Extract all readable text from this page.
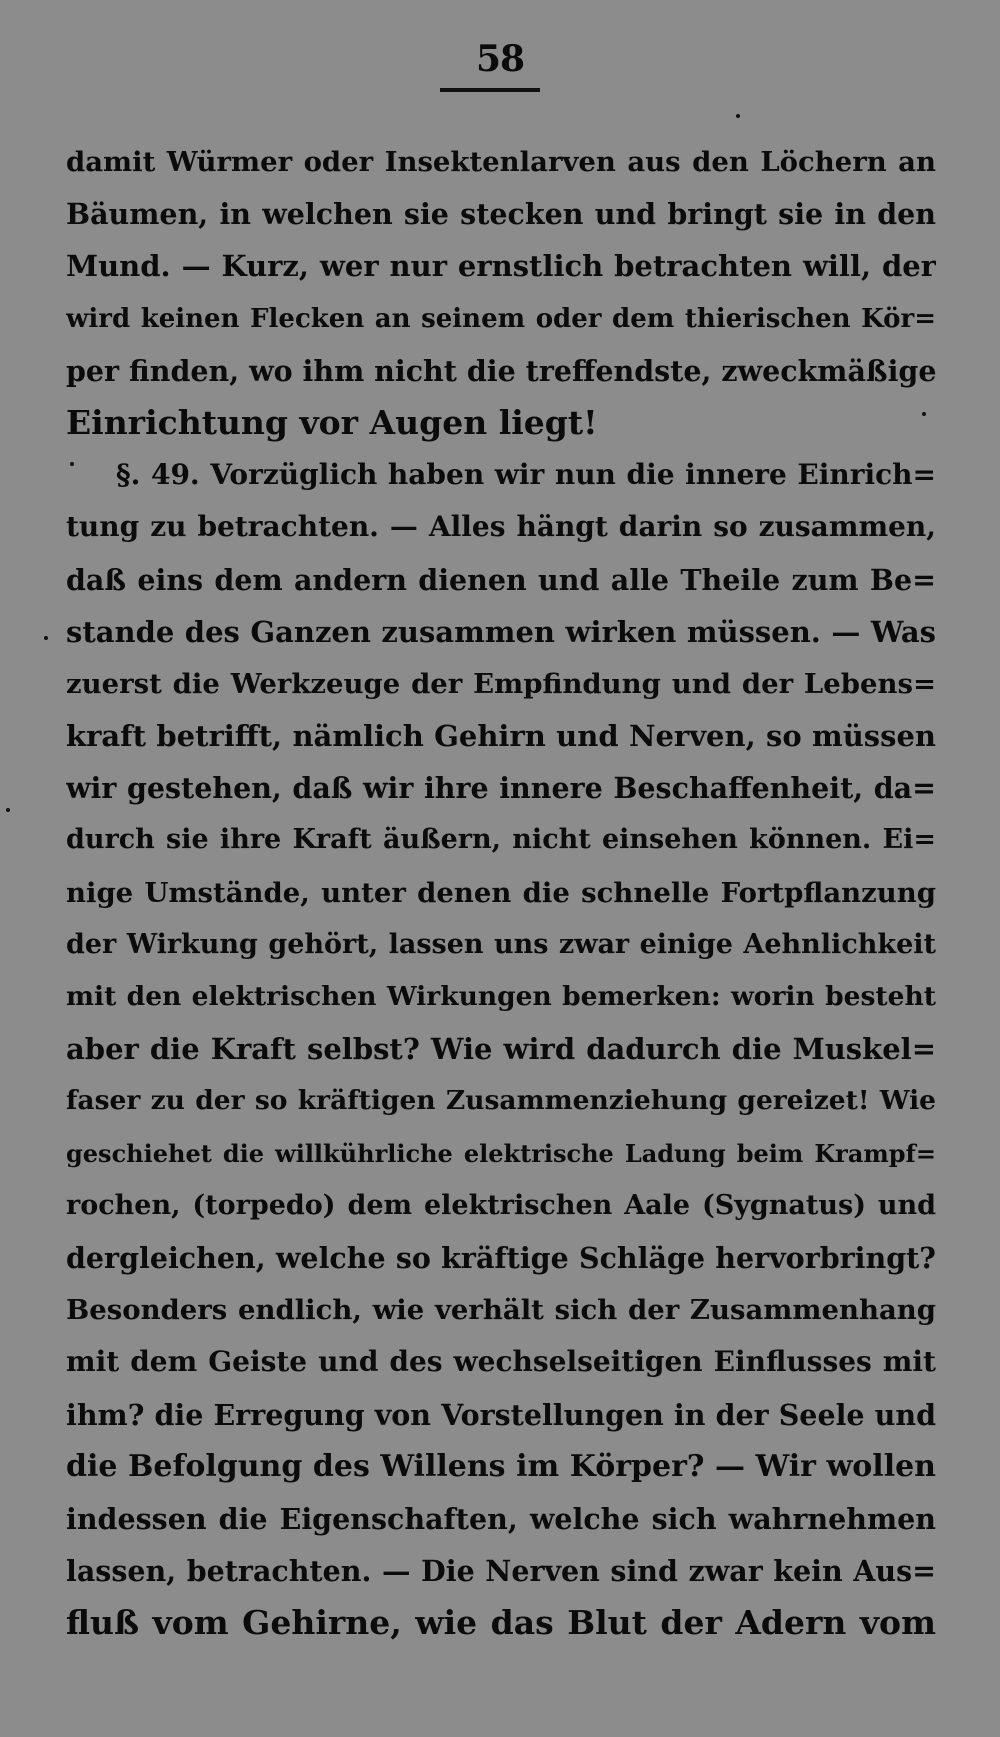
58
damit Würmer oder Insektenlarven aus den Löchern an
Bäumen, in welchen sie stecken und bringt sie in den
Mund. — Kurz, wer nur ernstlich betrachten will, der
wird keinen Flecken an seinem oder dem thierischen Kör=
per finden, wo ihm nicht die treffendste, zweckmäßige
Einrichtung vor Augen liegt!
§. 49. Vorzüglich haben wir nun die innere Einrich=
tung zu betrachten. — Alles hängt darin so zusammen,
daß eins dem andern dienen und alle Theile zum Be=
stande des Ganzen zusammen wirken müssen. — Was
zuerst die Werkzeuge der Empfindung und der Lebens=
kraft betrifft, nämlich Gehirn und Nerven, so müssen
wir gestehen, daß wir ihre innere Beschaffenheit, da=
durch sie ihre Kraft äußern, nicht einsehen können. Ei=
nige Umstände, unter denen die schnelle Fortpflanzung
der Wirkung gehört, lassen uns zwar einige Aehnlichkeit
mit den elektrischen Wirkungen bemerken: worin besteht
aber die Kraft selbst? Wie wird dadurch die Muskel=
faser zu der so kräftigen Zusammenziehung gereizet! Wie
geschiehet die willkührliche elektrische Ladung beim Krampf=
rochen, (torpedo) dem elektrischen Aale (Sygnatus) und
dergleichen, welche so kräftige Schläge hervorbringt?
Besonders endlich, wie verhält sich der Zusammenhang
mit dem Geiste und des wechselseitigen Einflusses mit
ihm? die Erregung von Vorstellungen in der Seele und
die Befolgung des Willens im Körper? — Wir wollen
indessen die Eigenschaften, welche sich wahrnehmen
lassen, betrachten. — Die Nerven sind zwar kein Aus=
fluß vom Gehirne, wie das Blut der Adern vom
